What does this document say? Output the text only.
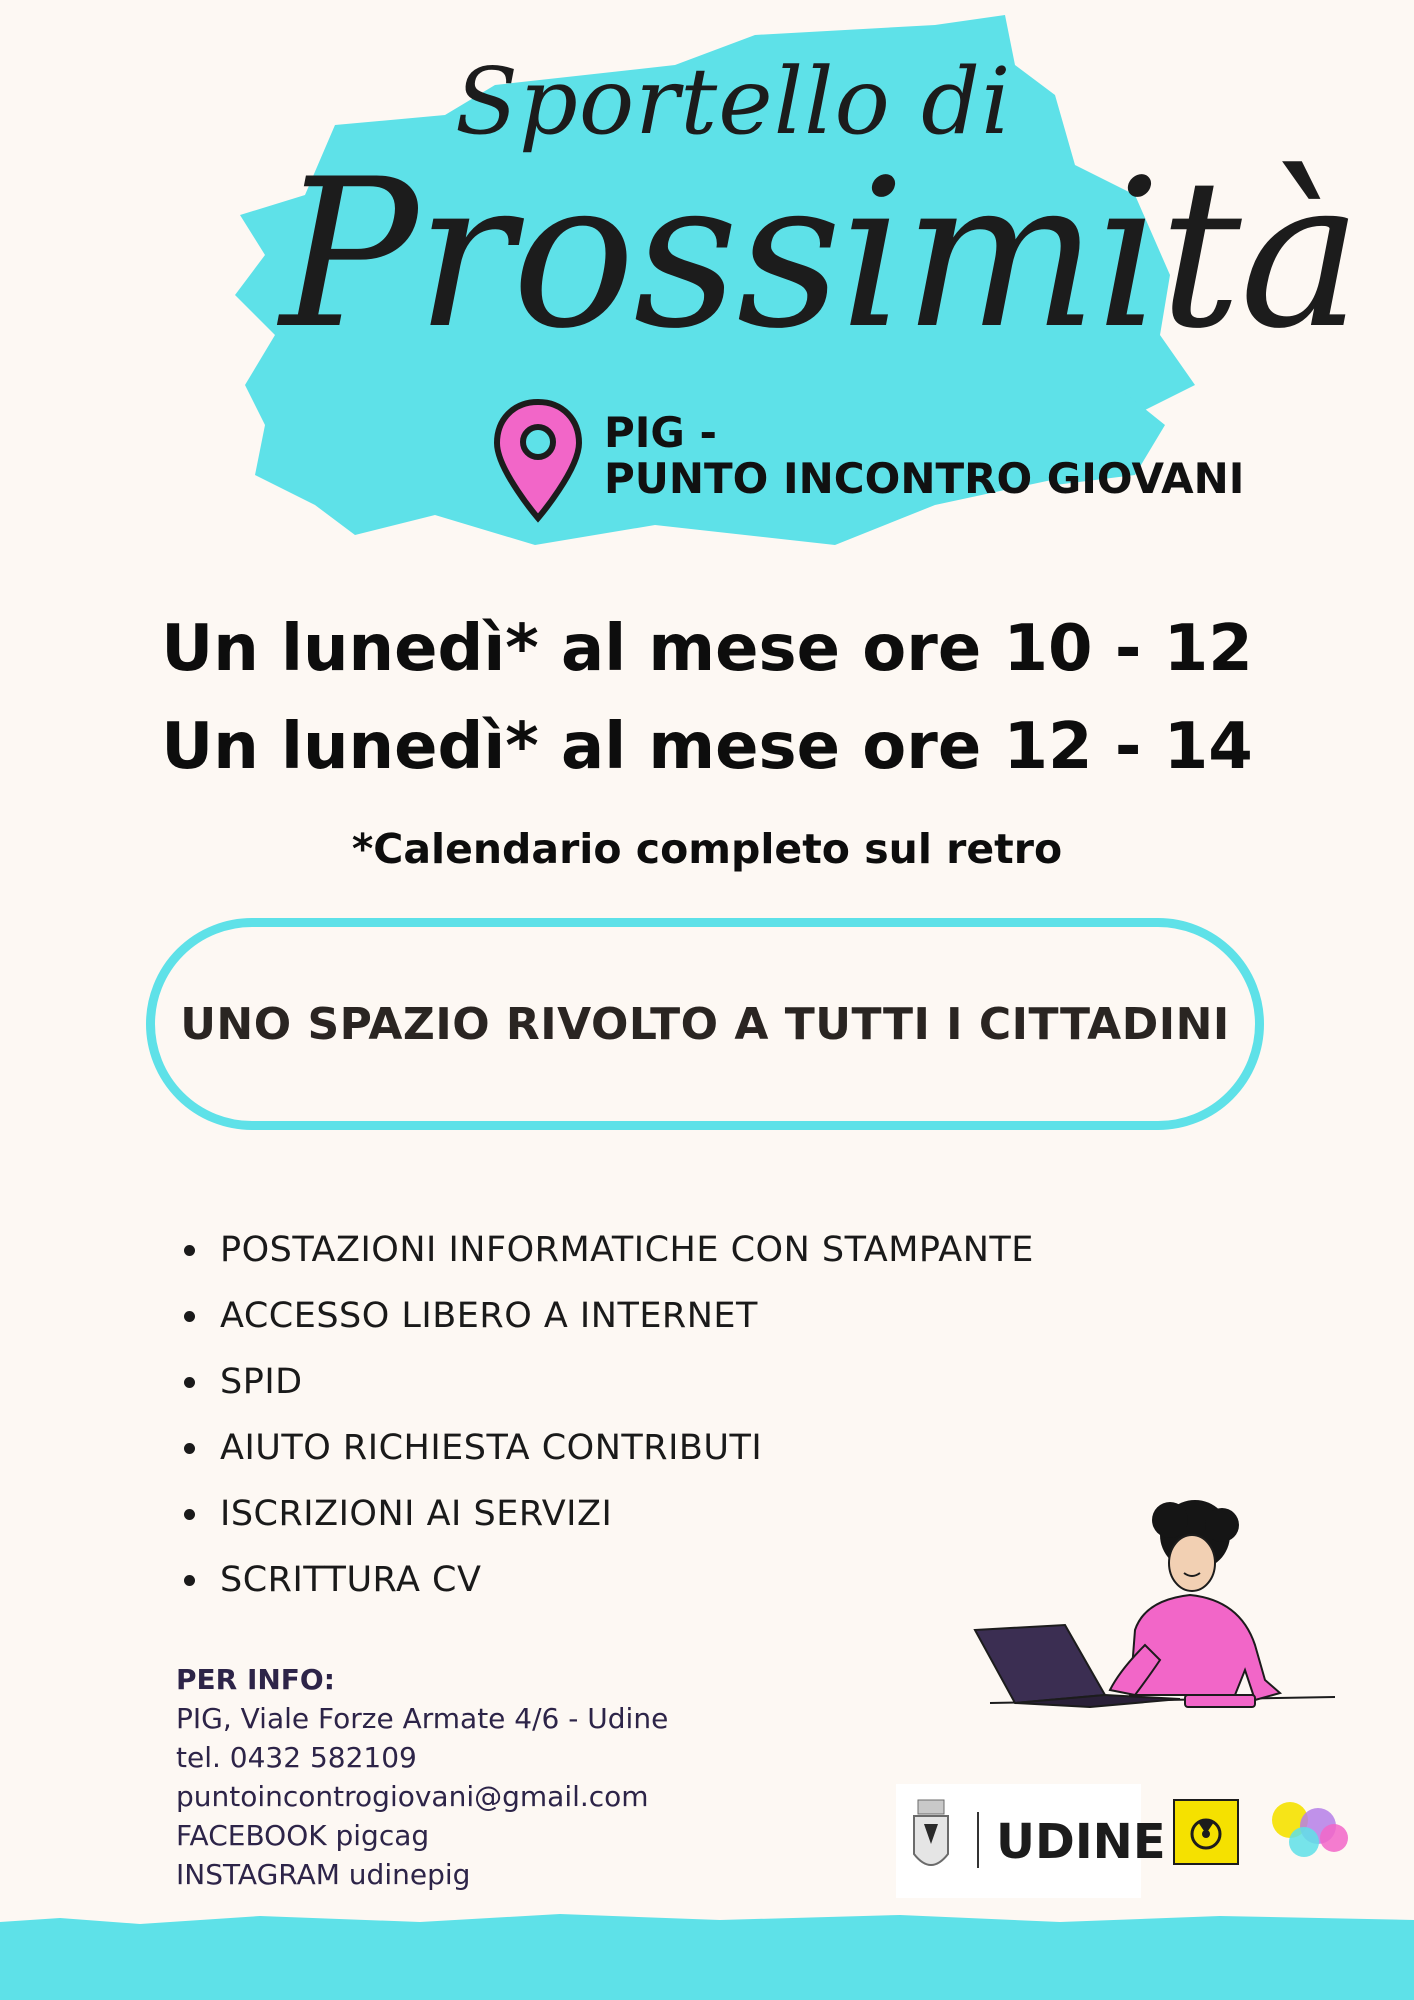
Sportello di
Prossimità
PIG -
PUNTO INCONTRO GIOVANI
Un lunedì* al mese ore 10 - 12
Un lunedì* al mese ore 12 - 14
*Calendario completo sul retro
UNO SPAZIO RIVOLTO A TUTTI I CITTADINI
POSTAZIONI INFORMATICHE CON STAMPANTE
ACCESSO LIBERO A INTERNET
SPID
AIUTO RICHIESTA CONTRIBUTI
ISCRIZIONI AI SERVIZI
SCRITTURA CV
PER INFO:
PIG, Viale Forze Armate 4/6 - Udine
tel. 0432 582109
puntoincontrogiovani@gmail.com
FACEBOOK pigcag
INSTAGRAM udinepig
UDINE
